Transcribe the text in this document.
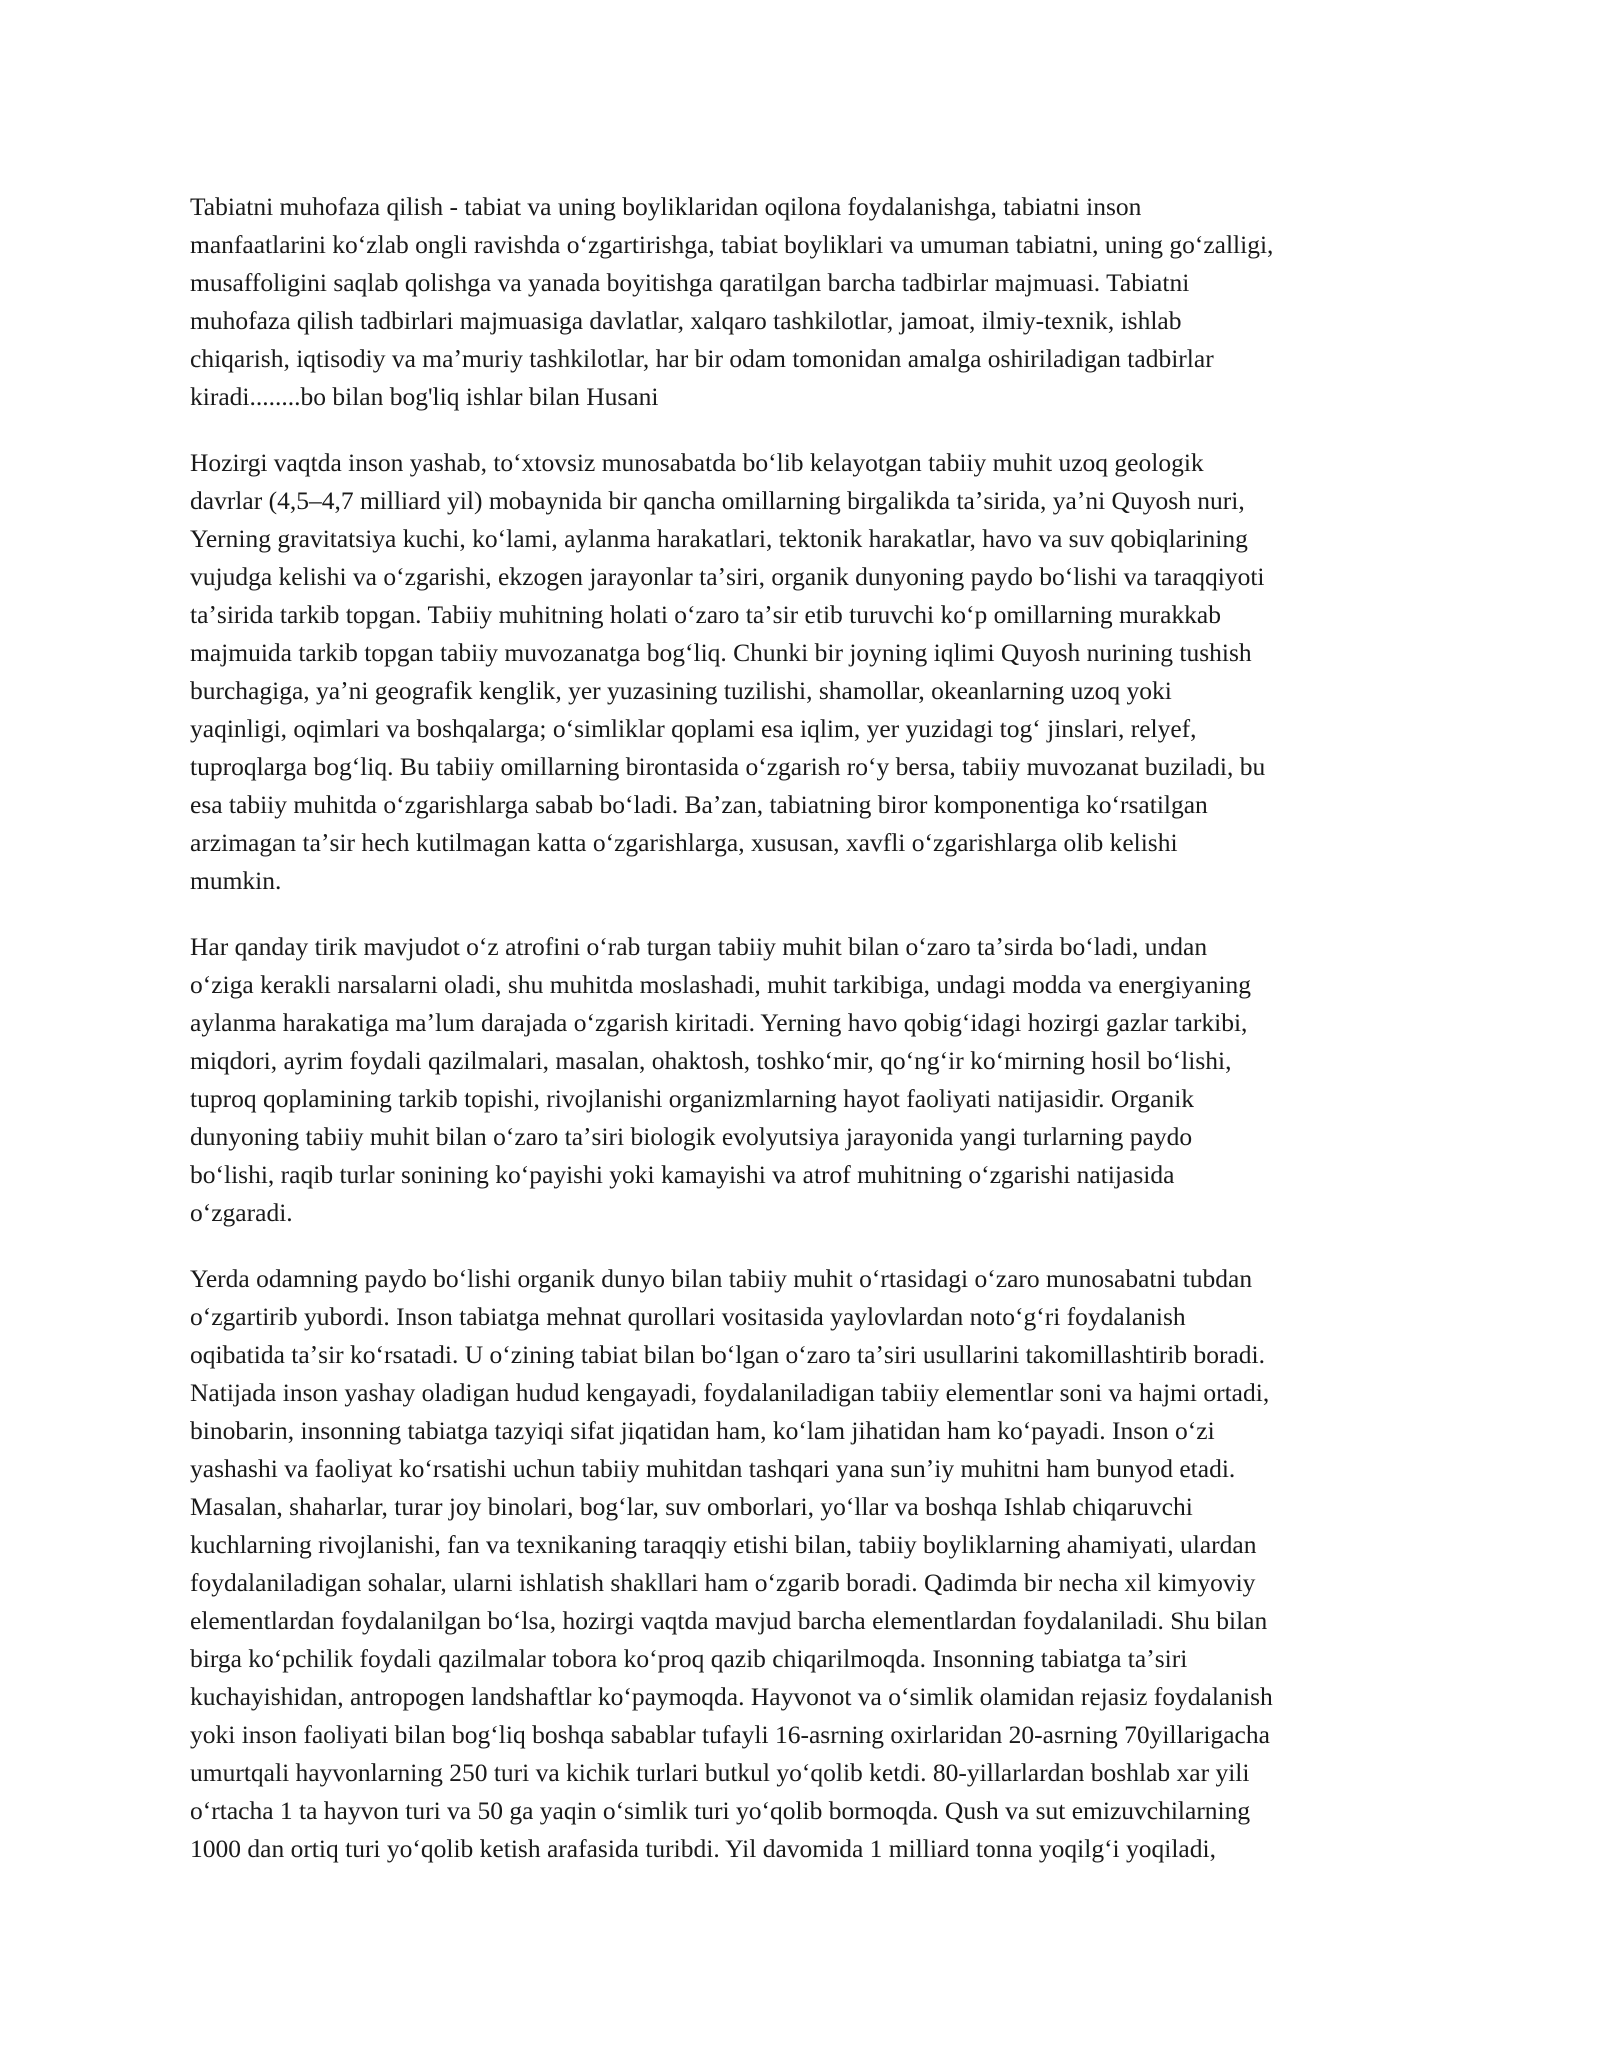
Tabiatni muhofaza qilish - tabiat va uning boyliklaridan oqilona foydalanishga, tabiatni inson
manfaatlarini koʻzlab ongli ravishda oʻzgartirishga, tabiat boyliklari va umuman tabiatni, uning goʻzalligi,
musaffoligini saqlab qolishga va yanada boyitishga qaratilgan barcha tadbirlar majmuasi. Tabiatni
muhofaza qilish tadbirlari majmuasiga davlatlar, xalqaro tashkilotlar, jamoat, ilmiy-texnik, ishlab
chiqarish, iqtisodiy va maʼmuriy tashkilotlar, har bir odam tomonidan amalga oshiriladigan tadbirlar
kiradi........bo bilan bog'liq ishlar bilan Husani

Hozirgi vaqtda inson yashab, toʻxtovsiz munosabatda boʻlib kelayotgan tabiiy muhit uzoq geologik
davrlar (4,5–4,7 milliard yil) mobaynida bir qancha omillarning birgalikda taʼsirida, yaʼni Quyosh nuri,
Yerning gravitatsiya kuchi, koʻlami, aylanma harakatlari, tektonik harakatlar, havo va suv qobiqlarining
vujudga kelishi va oʻzgarishi, ekzogen jarayonlar taʼsiri, organik dunyoning paydo boʻlishi va taraqqiyoti
taʼsirida tarkib topgan. Tabiiy muhitning holati oʻzaro taʼsir etib turuvchi koʻp omillarning murakkab
majmuida tarkib topgan tabiiy muvozanatga bogʻliq. Chunki bir joyning iqlimi Quyosh nurining tushish
burchagiga, yaʼni geografik kenglik, yer yuzasining tuzilishi, shamollar, okeanlarning uzoq yoki
yaqinligi, oqimlari va boshqalarga; oʻsimliklar qoplami esa iqlim, yer yuzidagi togʻ jinslari, relyef,
tuproqlarga bogʻliq. Bu tabiiy omillarning birontasida oʻzgarish roʻy bersa, tabiiy muvozanat buziladi, bu
esa tabiiy muhitda oʻzgarishlarga sabab boʻladi. Baʼzan, tabiatning biror komponentiga koʻrsatilgan
arzimagan taʼsir hech kutilmagan katta oʻzgarishlarga, xususan, xavfli oʻzgarishlarga olib kelishi
mumkin.

Har qanday tirik mavjudot oʻz atrofini oʻrab turgan tabiiy muhit bilan oʻzaro taʼsirda boʻladi, undan
oʻziga kerakli narsalarni oladi, shu muhitda moslashadi, muhit tarkibiga, undagi modda va energiyaning
aylanma harakatiga maʼlum darajada oʻzgarish kiritadi. Yerning havo qobigʻidagi hozirgi gazlar tarkibi,
miqdori, ayrim foydali qazilmalari, masalan, ohaktosh, toshkoʻmir, qoʻngʻir koʻmirning hosil boʻlishi,
tuproq qoplamining tarkib topishi, rivojlanishi organizmlarning hayot faoliyati natijasidir. Organik
dunyoning tabiiy muhit bilan oʻzaro taʼsiri biologik evolyutsiya jarayonida yangi turlarning paydo
boʻlishi, raqib turlar sonining koʻpayishi yoki kamayishi va atrof muhitning oʻzgarishi natijasida
oʻzgaradi.

Yerda odamning paydo boʻlishi organik dunyo bilan tabiiy muhit oʻrtasidagi oʻzaro munosabatni tubdan
oʻzgartirib yubordi. Inson tabiatga mehnat qurollari vositasida yaylovlardan notoʻgʻri foydalanish
oqibatida taʼsir koʻrsatadi. U oʻzining tabiat bilan boʻlgan oʻzaro taʼsiri usullarini takomillashtirib boradi.
Natijada inson yashay oladigan hudud kengayadi, foydalaniladigan tabiiy elementlar soni va hajmi ortadi,
binobarin, insonning tabiatga tazyiqi sifat jiqatidan ham, koʻlam jihatidan ham koʻpayadi. Inson oʻzi
yashashi va faoliyat koʻrsatishi uchun tabiiy muhitdan tashqari yana sunʼiy muhitni ham bunyod etadi.
Masalan, shaharlar, turar joy binolari, bogʻlar, suv omborlari, yoʻllar va boshqa Ishlab chiqaruvchi
kuchlarning rivojlanishi, fan va texnikaning taraqqiy etishi bilan, tabiiy boyliklarning ahamiyati, ulardan
foydalaniladigan sohalar, ularni ishlatish shakllari ham oʻzgarib boradi. Qadimda bir necha xil kimyoviy
elementlardan foydalanilgan boʻlsa, hozirgi vaqtda mavjud barcha elementlardan foydalaniladi. Shu bilan
birga koʻpchilik foydali qazilmalar tobora koʻproq qazib chiqarilmoqda. Insonning tabiatga taʼsiri
kuchayishidan, antropogen landshaftlar koʻpaymoqda. Hayvonot va oʻsimlik olamidan rejasiz foydalanish
yoki inson faoliyati bilan bogʻliq boshqa sabablar tufayli 16-asrning oxirlaridan 20-asrning 70yillarigacha
umurtqali hayvonlarning 250 turi va kichik turlari butkul yoʻqolib ketdi. 80-yillarlardan boshlab xar yili
oʻrtacha 1 ta hayvon turi va 50 ga yaqin oʻsimlik turi yoʻqolib bormoqda. Qush va sut emizuvchilarning
1000 dan ortiq turi yoʻqolib ketish arafasida turibdi. Yil davomida 1 milliard tonna yoqilgʻi yoqiladi,
